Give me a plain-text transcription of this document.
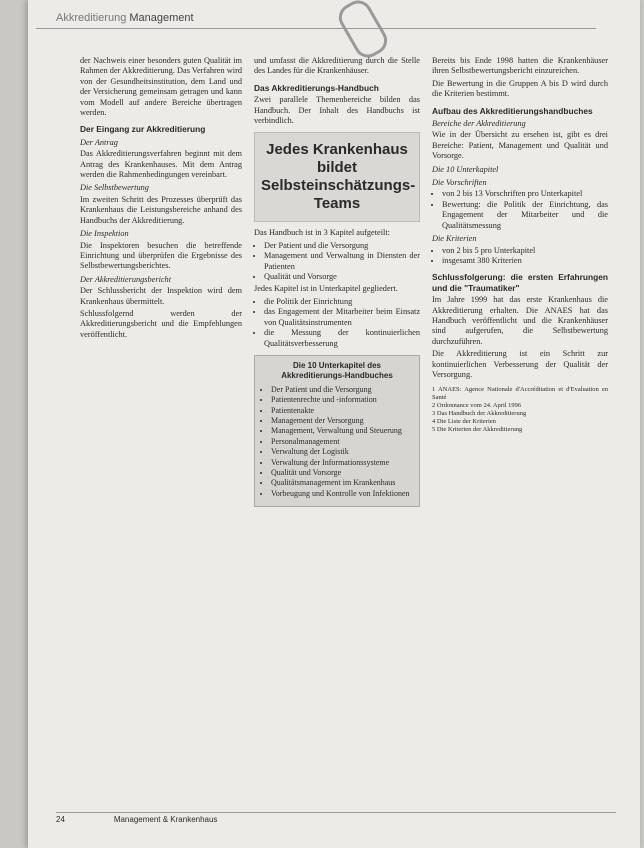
Akkreditierung Management

der Nachweis einer besonders guten Qualität im Rahmen der Akkreditierung. Das Verfahren wird von der Gesundheitsinstitution, dem Land und der Versicherung gemeinsam getragen und kann vom Modell auf andere Bereiche übertragen werden.

Der Eingang zur Akkreditierung
Der Antrag

Das Akkreditierungsverfahren beginnt mit dem Antrag des Krankenhauses. Mit dem Antrag werden die Rahmenbedingungen vereinbart.

Die Selbstbewertung

Im zweiten Schritt des Prozesses überprüft das Krankenhaus die Leistungsbereiche anhand des Handbuchs der Akkreditierung.

Die Inspektion

Die Inspektoren besuchen die betreffende Einrichtung und überprüfen die Ergebnisse des Selbstbewertungsberichtes.

Der Akkreditierungsbericht

Der Schlussbericht der Inspektion wird dem Krankenhaus übermittelt.

Schlussfolgernd werden der Akkreditierungsbericht und die Empfehlungen veröffentlicht.

und umfasst die Akkreditierung durch die Stelle des Landes für die Krankenhäuser.

Das Akkreditierungs-Handbuch

Zwei parallele Themenbereiche bilden das Handbuch. Der Inhalt des Handbuchs ist verbindlich.

Jedes Krankenhaus bildet Selbsteinschätzungs-Teams

Das Handbuch ist in 3 Kapitel aufgeteilt:

• Der Patient und die Versorgung
• Management und Verwaltung in Diensten der Patienten
• Qualität und Vorsorge

Jedes Kapitel ist in Unterkapitel gegliedert.

• die Politik der Einrichtung
• das Engagement der Mitarbeiter beim Einsatz von Qualitätsinstrumenten
• die Messung der kontinuierlichen Qualitätsverbesserung
Die 10 Unterkapitel des Akkreditierungs-Handbuches
• Der Patient und die Versorgung
• Patientenrechte und -information
• Patientenakte
• Management der Versorgung
• Management, Verwaltung und Steuerung
• Personalmanagement
• Verwaltung der Logistik
• Verwaltung der Informationssysteme
• Qualität und Vorsorge
• Qualitätsmanagement im Krankenhaus
• Vorbeugung und Kontrolle von Infektionen

Bereits bis Ende 1998 hatten die Krankenhäuser ihren Selbstbewertungsbericht einzureichen.

Die Bewertung in die Gruppen A bis D wird durch die Kriterien bestimmt.

Aufbau des Akkreditierungshandbuches
Bereiche der Akkreditierung

Wie in der Übersicht zu ersehen ist, gibt es drei Bereiche: Patient, Management und Qualität und Vorsorge.

Die 10 Unterkapitel
Die Vorschriften
• von 2 bis 13 Vorschriften pro Unterkapitel
• Bewertung: die Politik der Einrichtung, das Engagement der Mitarbeiter und die Qualitätsmessung
Die Kriterien
• von 2 bis 5 pro Unterkapitel
• insgesamt 380 Kriterien
Schlussfolgerung: die ersten Erfahrungen und die "Traumatiker"

Im Jahre 1999 hat das erste Krankenhaus die Akkreditierung erhalten. Die ANAES hat das Handbuch veröffentlicht und die Krankenhäuser sind aufgerufen, die Selbstbewertung durchzuführen.

Die Akkreditierung ist ein Schritt zur kontinuierlichen Verbesserung der Qualität der Versorgung.

1 ANAES: Agence Nationale d'Accréditation et d'Evaluation en Santé
2 Ordonnance vom 24. April 1996
3 Das Handbuch der Akkreditierung
4 Die Liste der Kriterien
5 Die Kriterien der Akkreditierung
24	Management & Krankenhaus
